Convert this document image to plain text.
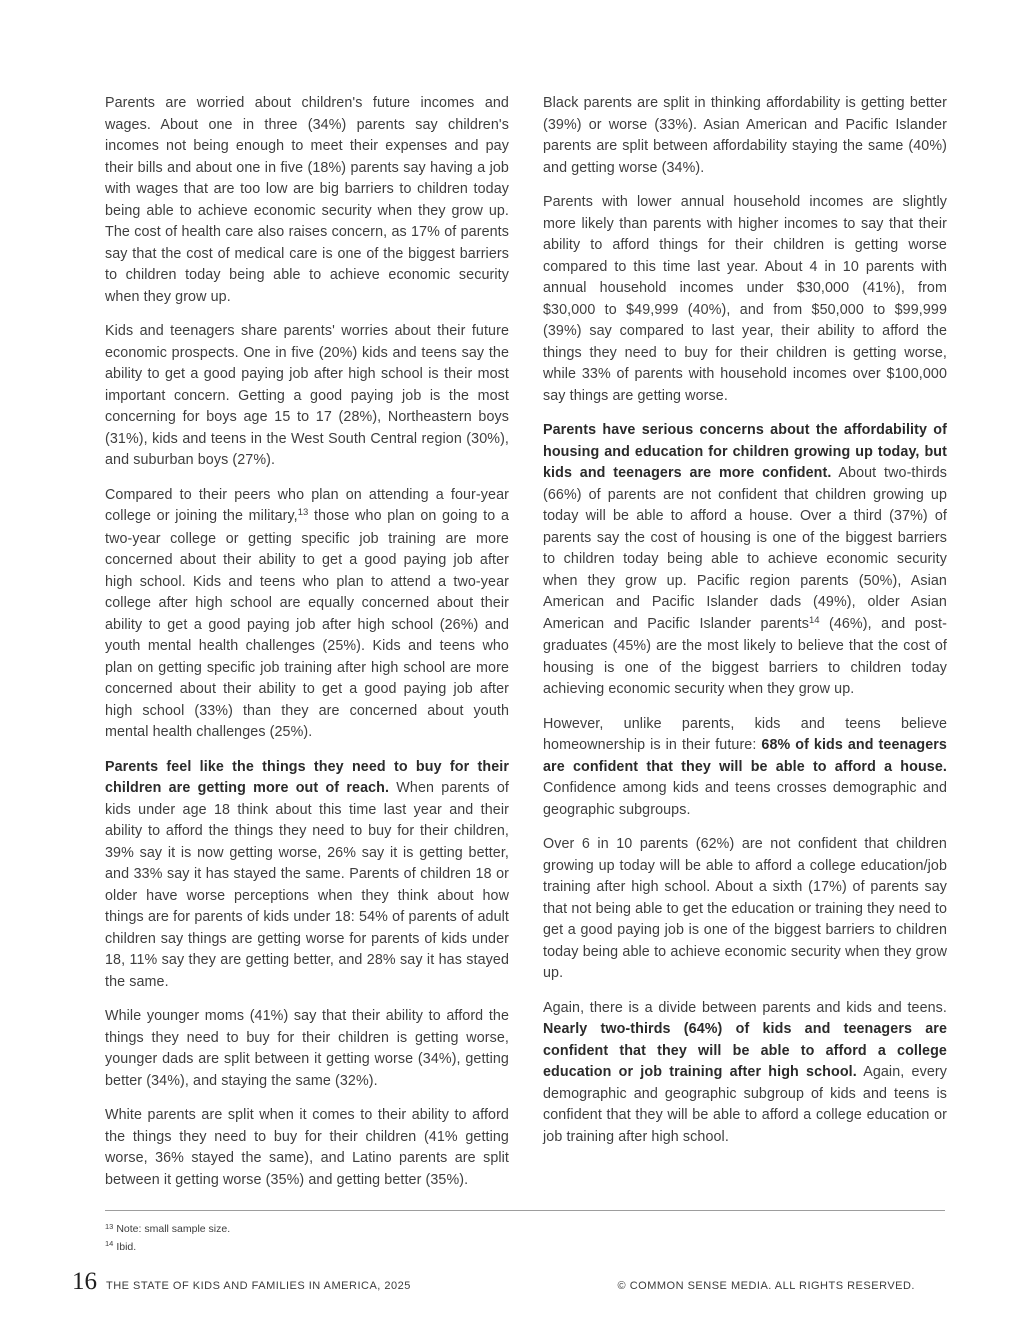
Parents are worried about children's future incomes and wages. About one in three (34%) parents say children's incomes not being enough to meet their expenses and pay their bills and about one in five (18%) parents say having a job with wages that are too low are big barriers to children today being able to achieve economic security when they grow up. The cost of health care also raises concern, as 17% of parents say that the cost of medical care is one of the biggest barriers to children today being able to achieve economic security when they grow up.

Kids and teenagers share parents' worries about their future economic prospects. One in five (20%) kids and teens say the ability to get a good paying job after high school is their most important concern. Getting a good paying job is the most concerning for boys age 15 to 17 (28%), Northeastern boys (31%), kids and teens in the West South Central region (30%), and suburban boys (27%).

Compared to their peers who plan on attending a four-year college or joining the military,$^{13}$ those who plan on going to a two-year college or getting specific job training are more concerned about their ability to get a good paying job after high school. Kids and teens who plan to attend a two-year college after high school are equally concerned about their ability to get a good paying job after high school (26%) and youth mental health challenges (25%). Kids and teens who plan on getting specific job training after high school are more concerned about their ability to get a good paying job after high school (33%) than they are concerned about youth mental health challenges (25%).

Parents feel like the things they need to buy for their children are getting more out of reach. When parents of kids under age 18 think about this time last year and their ability to afford the things they need to buy for their children, 39% say it is now getting worse, 26% say it is getting better, and 33% say it has stayed the same. Parents of children 18 or older have worse perceptions when they think about how things are for parents of kids under 18: 54% of parents of adult children say things are getting worse for parents of kids under 18, 11% say they are getting better, and 28% say it has stayed the same.

While younger moms (41%) say that their ability to afford the things they need to buy for their children is getting worse, younger dads are split between it getting worse (34%), getting better (34%), and staying the same (32%).

White parents are split when it comes to their ability to afford the things they need to buy for their children (41% getting worse, 36% stayed the same), and Latino parents are split between it getting worse (35%) and getting better (35%).

Black parents are split in thinking affordability is getting better (39%) or worse (33%). Asian American and Pacific Islander parents are split between affordability staying the same (40%) and getting worse (34%).

Parents with lower annual household incomes are slightly more likely than parents with higher incomes to say that their ability to afford things for their children is getting worse compared to this time last year. About 4 in 10 parents with annual household incomes under $30,000 (41%), from $30,000 to $49,999 (40%), and from $50,000 to $99,999 (39%) say compared to last year, their ability to afford the things they need to buy for their children is getting worse, while 33% of parents with household incomes over $100,000 say things are getting worse.

Parents have serious concerns about the affordability of housing and education for children growing up today, but kids and teenagers are more confident. About two-thirds (66%) of parents are not confident that children growing up today will be able to afford a house. Over a third (37%) of parents say the cost of housing is one of the biggest barriers to children today being able to achieve economic security when they grow up. Pacific region parents (50%), Asian American and Pacific Islander dads (49%), older Asian American and Pacific Islander parents$^{14}$ (46%), and post-graduates (45%) are the most likely to believe that the cost of housing is one of the biggest barriers to children today achieving economic security when they grow up.

However, unlike parents, kids and teens believe homeownership is in their future: 68% of kids and teenagers are confident that they will be able to afford a house. Confidence among kids and teens crosses demographic and geographic subgroups.

Over 6 in 10 parents (62%) are not confident that children growing up today will be able to afford a college education/job training after high school. About a sixth (17%) of parents say that not being able to get the education or training they need to get a good paying job is one of the biggest barriers to children today being able to achieve economic security when they grow up.

Again, there is a divide between parents and kids and teens. Nearly two-thirds (64%) of kids and teenagers are confident that they will be able to afford a college education or job training after high school. Again, every demographic and geographic subgroup of kids and teens is confident that they will be able to afford a college education or job training after high school.

$^{13}$ Note: small sample size.
$^{14}$ Ibid.
16 THE STATE OF KIDS AND FAMILIES IN AMERICA, 2025	© COMMON SENSE MEDIA. ALL RIGHTS RESERVED.
